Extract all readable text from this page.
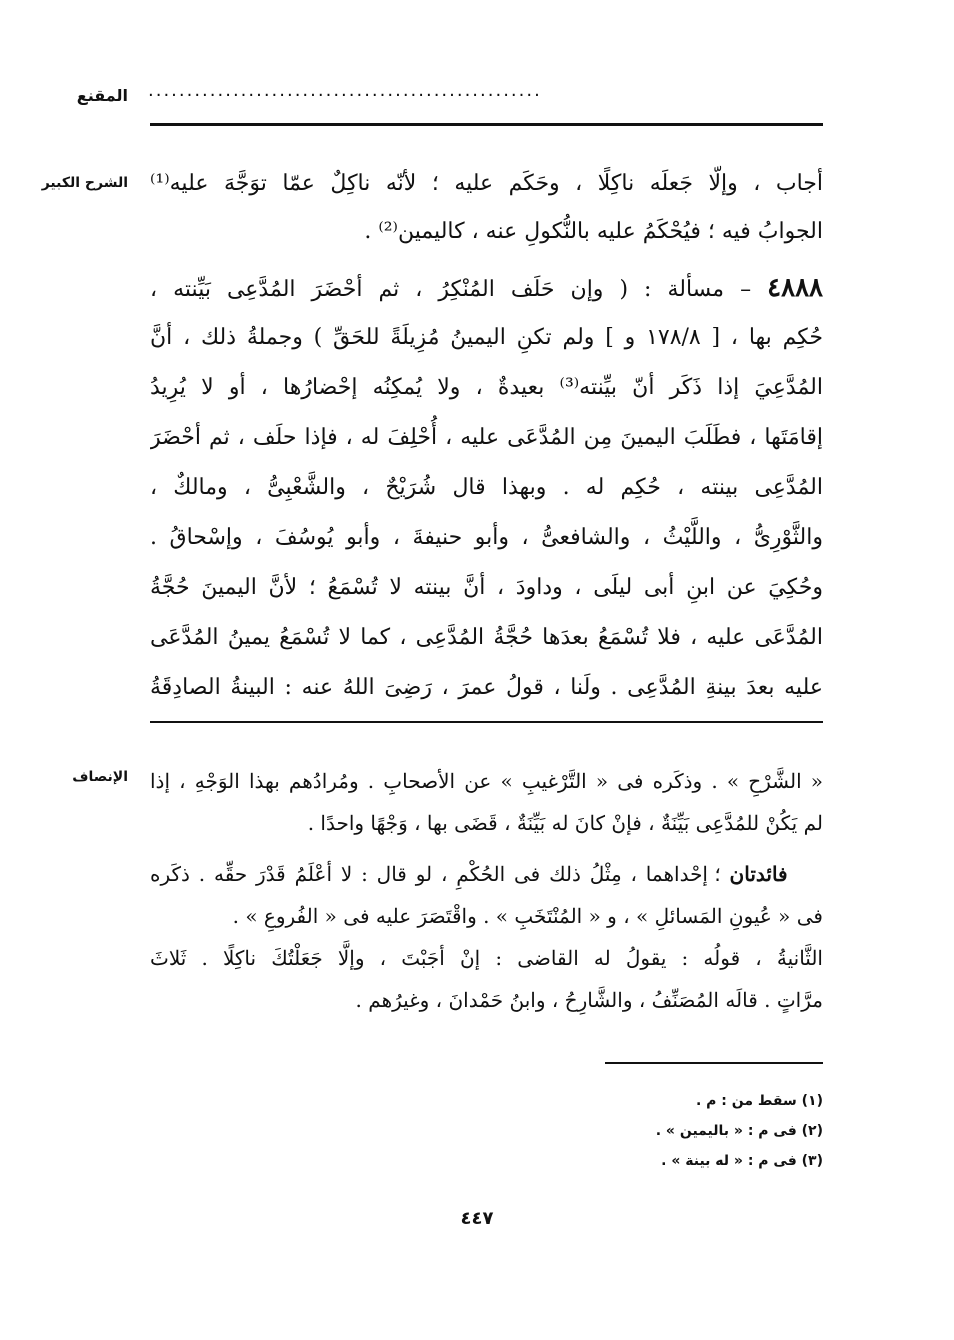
المقنع ...................................................
الشرح الكبير أجاب ، وإلّا جَعلَه ناكِلًا ، وحَكَم عليه ؛ لأنّه ناكِلٌ عمّا توَجَّهَ عليه⁽¹⁾
الجوابُ فيه ؛ فيُحْكَمُ عليه بالنُّكولِ عنه ، كاليمين⁽²⁾ .
٤٨٨٨ – مسألة : ( وإن حَلَف المُنْكِرُ ، ثم أحْضَرَ المُدَّعِى بَيِّنته ،
حُكِم بها ، [ ١٧٨/٨ و ] ولم تكنِ اليمينُ مُزِيلَةً للحَقِّ ) وجملةُ ذلك ، أنَّ
المُدَّعِيَ إذا ذَكَر أنّ بيِّنته⁽³⁾ بعيدةٌ ، ولا يُمكِنُه إحْضارُها ، أو لا يُرِيدُ
إقامَتَها ، فطَلَبَ اليمينَ مِن المُدَّعَى عليه ، أُحْلِفَ له ، فإذا حلَف ، ثم أحْضَرَ
المُدَّعِى بينته ، حُكِم له . وبهذا قال شُرَيْحٌ ، والشَّعْبِىُّ ، ومالكٌ ،
والثَّوْرِىُّ ، واللَّيْثُ ، والشافعىُّ ، وأبو حنيفةَ ، وأبو يُوسُفَ ، وإسْحاقُ .
وحُكِيَ عن ابنِ أبى ليلَى ، وداودَ ، أنَّ بينته لا تُسْمَعُ ؛ لأنَّ اليمينَ حُجَّةُ
المُدَّعَى عليه ، فلا تُسْمَعُ بعدَها حُجَّةُ المُدَّعِى ، كما لا تُسْمَعُ يمينُ المُدَّعَى
عليه بعدَ بينةِ المُدَّعِى . ولَنا ، قولُ عمرَ ، رَضِىَ اللهُ عنه : البينةُ الصادِقَةُ
الإنصاف « الشَّرْحِ » . وذكَره فى « التَّرْغيبِ » عن الأصحابِ . ومُرادُهم بهذا الوَجْهِ ، إذا
لم يَكُنْ للمُدَّعِى بَيِّنَةٌ ، فإنْ كانَ له بَيِّنَةٌ ، قَضَى بها ، وَجْهًا واحدًا .
​    فائدتان ؛ إحْداهما ، مِثْلُ ذلك فى الحُكْمِ ، لو قال : لا أعْلَمُ قَدْرَ حقِّه . ذكَره
فى « عُيونِ المَسائلِ » ، و « المُنْتَخَبِ » . واقْتَصَرَ عليه فى « الفُروعِ » .
الثَّانيةُ ، قولُه : يقولُ له القاضى : إنْ أجَبْتَ ، وإلَّا جَعَلْتُكَ ناكِلًا . ثَلاثَ
مرَّاتٍ . قالَه المُصَنِّفُ ، والشَّارِحُ ، وابنُ حَمْدانَ ، وغيرُهم .
(١) سقط من : م .
(٢) فى م : « باليمين » .
(٣) فى م : « له بينة » .
٤٤٧
